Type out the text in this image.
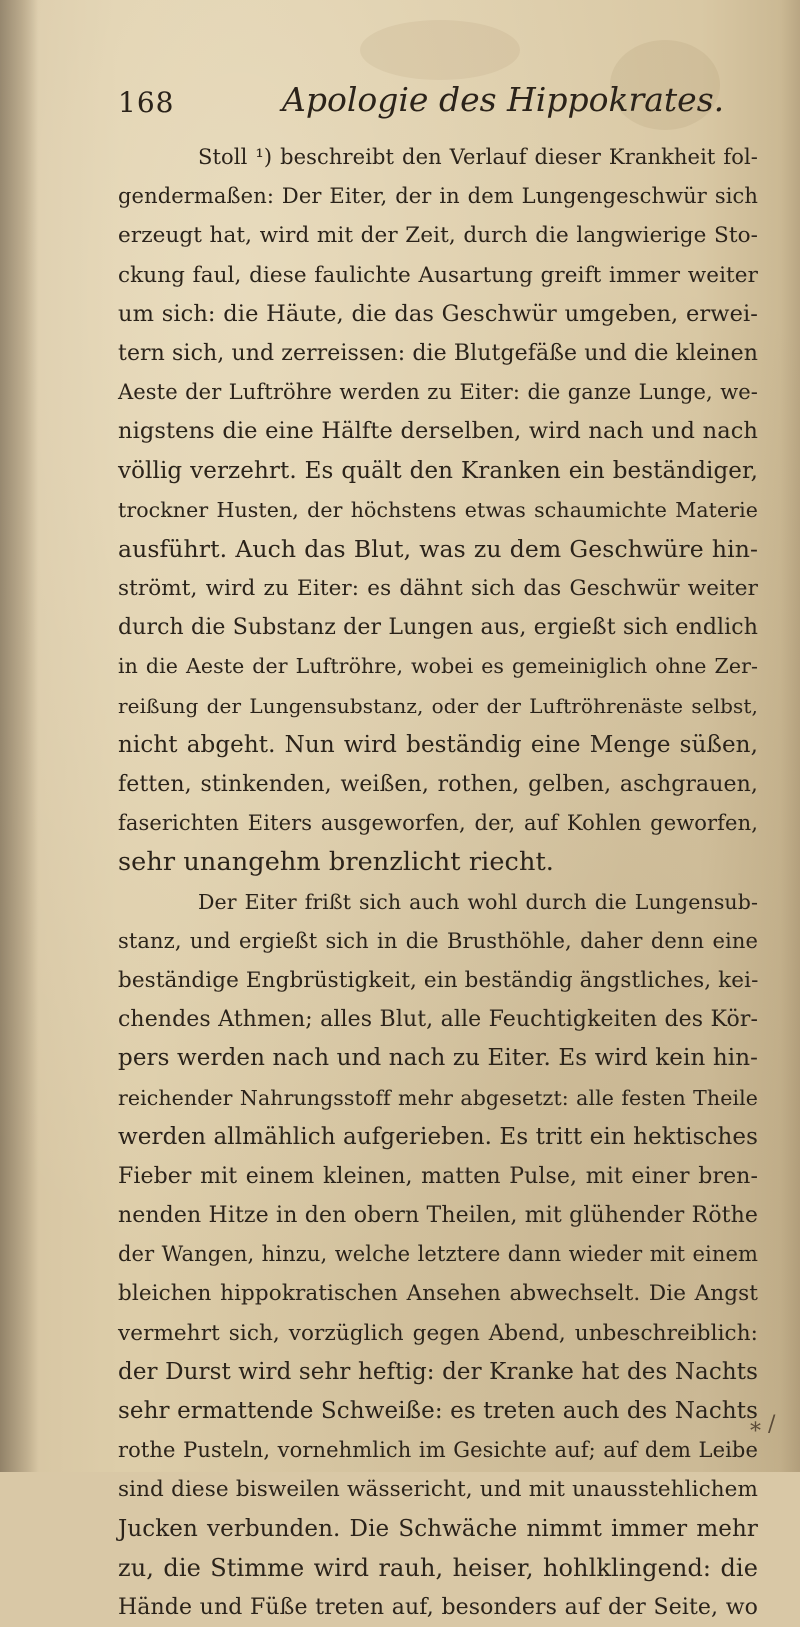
168	Apologie des Hippokrates.
Stoll ¹) beschreibt den Verlauf dieser Krankheit fol-
gendermaßen: Der Eiter, der in dem Lungengeschwür sich
erzeugt hat, wird mit der Zeit, durch die langwierige Sto-
ckung faul, diese faulichte Ausartung greift immer weiter
um sich: die Häute, die das Geschwür umgeben, erwei-
tern sich, und zerreissen: die Blutgefäße und die kleinen
Aeste der Luftröhre werden zu Eiter: die ganze Lunge, we-
nigstens die eine Hälfte derselben, wird nach und nach
völlig verzehrt. Es quält den Kranken ein beständiger,
trockner Husten, der höchstens etwas schaumichte Materie
ausführt. Auch das Blut, was zu dem Geschwüre hin-
strömt, wird zu Eiter: es dähnt sich das Geschwür weiter
durch die Substanz der Lungen aus, ergießt sich endlich
in die Aeste der Luftröhre, wobei es gemeiniglich ohne Zer-
reißung der Lungensubstanz, oder der Luftröhrenäste selbst,
nicht abgeht. Nun wird beständig eine Menge süßen,
fetten, stinkenden, weißen, rothen, gelben, aschgrauen,
faserichten Eiters ausgeworfen, der, auf Kohlen geworfen,
sehr unangehm brenzlicht riecht.
Der Eiter frißt sich auch wohl durch die Lungensub-
stanz, und ergießt sich in die Brusthöhle, daher denn eine
beständige Engbrüstigkeit, ein beständig ängstliches, kei-
chendes Athmen; alles Blut, alle Feuchtigkeiten des Kör-
pers werden nach und nach zu Eiter. Es wird kein hin-
reichender Nahrungsstoff mehr abgesetzt: alle festen Theile
werden allmählich aufgerieben. Es tritt ein hektisches
Fieber mit einem kleinen, matten Pulse, mit einer bren-
nenden Hitze in den obern Theilen, mit glühender Röthe
der Wangen, hinzu, welche letztere dann wieder mit einem
bleichen hippokratischen Ansehen abwechselt. Die Angst
vermehrt sich, vorzüglich gegen Abend, unbeschreiblich:
der Durst wird sehr heftig: der Kranke hat des Nachts
sehr ermattende Schweiße: es treten auch des Nachts
rothe Pusteln, vornehmlich im Gesichte auf; auf dem Leibe
sind diese bisweilen wässericht, und mit unausstehlichem
Jucken verbunden. Die Schwäche nimmt immer mehr
zu, die Stimme wird rauh, heiser, hohlklingend: die
Hände und Füße treten auf, besonders auf der Seite, wo
⁎ /
